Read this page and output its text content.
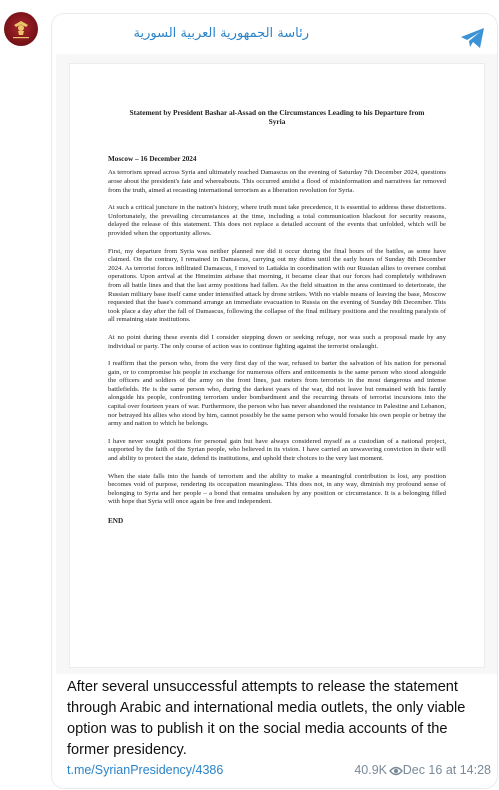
رئاسة الجمهورية العربية السورية
Statement by President Bashar al-Assad on the Circumstances Leading to his Departure from Syria
Moscow – 16 December 2024

As terrorism spread across Syria and ultimately reached Damascus on the evening of Saturday 7th December 2024, questions arose about the president's fate and whereabouts. This occurred amidst a flood of misinformation and narratives far removed from the truth, aimed at recasting international terrorism as a liberation revolution for Syria.

At such a critical juncture in the nation's history, where truth must take precedence, it is essential to address these distortions. Unfortunately, the prevailing circumstances at the time, including a total communication blackout for security reasons, delayed the release of this statement. This does not replace a detailed account of the events that unfolded, which will be provided when the opportunity allows.

First, my departure from Syria was neither planned nor did it occur during the final hours of the battles, as some have claimed. On the contrary, I remained in Damascus, carrying out my duties until the early hours of Sunday 8th December 2024. As terrorist forces infiltrated Damascus, I moved to Lattakia in coordination with our Russian allies to oversee combat operations. Upon arrival at the Hmeimim airbase that morning, it became clear that our forces had completely withdrawn from all battle lines and that the last army positions had fallen. As the field situation in the area continued to deteriorate, the Russian military base itself came under intensified attack by drone strikes. With no viable means of leaving the base, Moscow requested that the base's command arrange an immediate evacuation to Russia on the evening of Sunday 8th December. This took place a day after the fall of Damascus, following the collapse of the final military positions and the resulting paralysis of all remaining state institutions.

At no point during these events did I consider stepping down or seeking refuge, nor was such a proposal made by any individual or party. The only course of action was to continue fighting against the terrorist onslaught.

I reaffirm that the person who, from the very first day of the war, refused to barter the salvation of his nation for personal gain, or to compromise his people in exchange for numerous offers and enticements is the same person who stood alongside the officers and soldiers of the army on the front lines, just meters from terrorists in the most dangerous and intense battlefields. He is the same person who, during the darkest years of the war, did not leave but remained with his family alongside his people, confronting terrorism under bombardment and the recurring threats of terrorist incursions into the capital over fourteen years of war. Furthermore, the person who has never abandoned the resistance in Palestine and Lebanon, nor betrayed his allies who stood by him, cannot possibly be the same person who would forsake his own people or betray the army and nation to which he belongs.

I have never sought positions for personal gain but have always considered myself as a custodian of a national project, supported by the faith of the Syrian people, who believed in its vision. I have carried an unwavering conviction in their will and ability to protect the state, defend its institutions, and uphold their choices to the very last moment.

When the state falls into the hands of terrorism and the ability to make a meaningful contribution is lost, any position becomes void of purpose, rendering its occupation meaningless. This does not, in any way, diminish my profound sense of belonging to Syria and her people – a bond that remains unshaken by any position or circumstance. It is a belonging filled with hope that Syria will once again be free and independent.

END
After several unsuccessful attempts to release the statement through Arabic and international media outlets, the only viable option was to publish it on the social media accounts of the former presidency.
t.me/SyrianPresidency/4386	40.9K Dec 16 at 14:28
